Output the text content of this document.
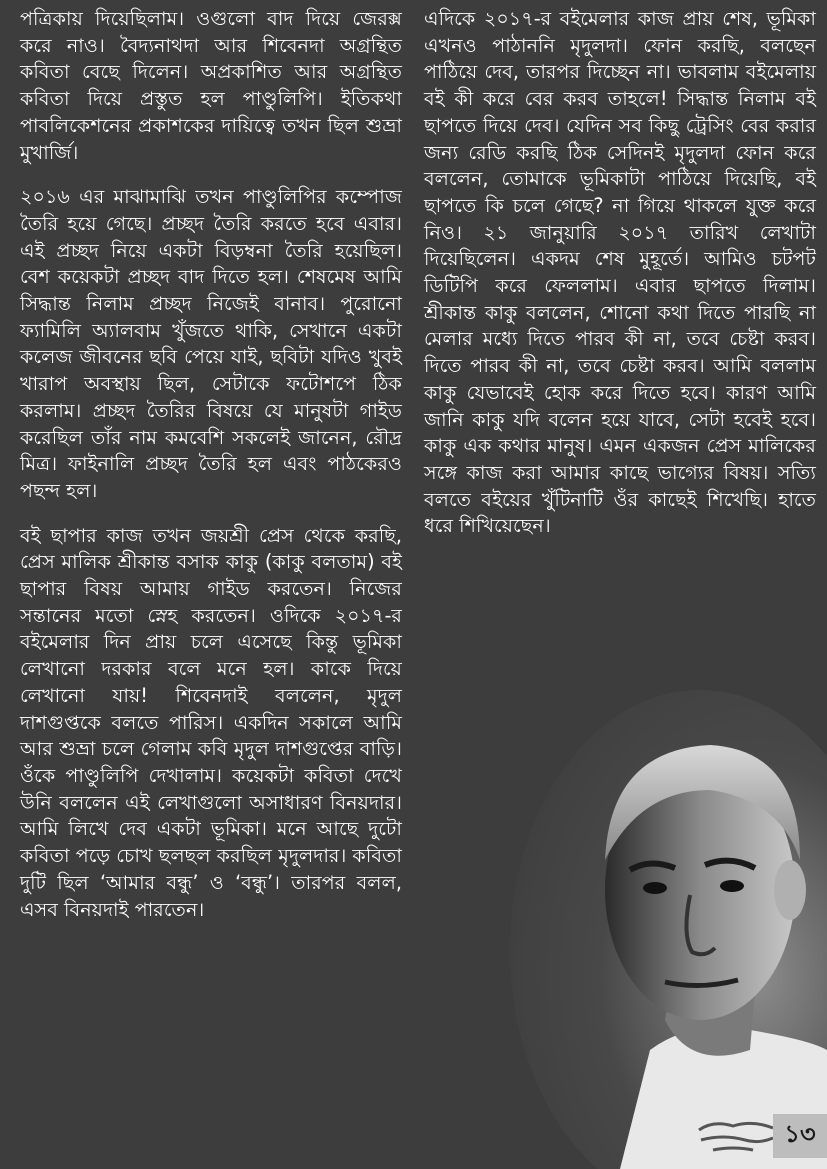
পত্রিকায় দিয়েছিলাম। ওগুলো বাদ দিয়ে জেরক্স করে নাও। বৈদ্যনাথদা আর শিবেনদা অগ্রন্থিত কবিতা বেছে দিলেন। অপ্রকাশিত আর অগ্রন্থিত কবিতা দিয়ে প্রস্তুত হল পাণ্ডুলিপি। ইতিকথা পাবলিকেশনের প্রকাশকের দায়িত্বে তখন ছিল শুভ্রা মুখার্জি।

২০১৬ এর মাঝামাঝি তখন পাণ্ডুলিপির কম্পোজ তৈরি হয়ে গেছে। প্রচ্ছদ তৈরি করতে হবে এবার। এই প্রচ্ছদ নিয়ে একটা বিড়ম্বনা তৈরি হয়েছিল। বেশ কয়েকটা প্রচ্ছদ বাদ দিতে হল। শেষমেষ আমি সিদ্ধান্ত নিলাম প্রচ্ছদ নিজেই বানাব। পুরোনো ফ্যামিলি অ্যালবাম খুঁজতে থাকি, সেখানে একটা কলেজ জীবনের ছবি পেয়ে যাই, ছবিটা যদিও খুবই খারাপ অবস্থায় ছিল, সেটাকে ফটোশপে ঠিক করলাম। প্রচ্ছদ তৈরির বিষয়ে যে মানুষটা গাইড করেছিল তাঁর নাম কমবেশি সকলেই জানেন, রৌদ্র মিত্র। ফাইনালি প্রচ্ছদ তৈরি হল এবং পাঠকেরও পছন্দ হল।

বই ছাপার কাজ তখন জয়শ্রী প্রেস থেকে করছি, প্রেস মালিক শ্রীকান্ত বসাক কাকু (কাকু বলতাম) বই ছাপার বিষয় আমায় গাইড করতেন। নিজের সন্তানের মতো স্নেহ করতেন। ওদিকে ২০১৭-র বইমেলার দিন প্রায় চলে এসেছে কিন্তু ভূমিকা লেখানো দরকার বলে মনে হল। কাকে দিয়ে লেখানো যায়! শিবেনদাই বললেন, মৃদুল দাশগুপ্তকে বলতে পারিস। একদিন সকালে আমি আর শুভ্রা চলে গেলাম কবি মৃদুল দাশগুপ্তের বাড়ি। ওঁকে পাণ্ডুলিপি দেখালাম। কয়েকটা কবিতা দেখে উনি বললেন এই লেখাগুলো অসাধারণ বিনয়দার। আমি লিখে দেব একটা ভূমিকা। মনে আছে দুটো কবিতা পড়ে চোখ ছলছল করছিল মৃদুলদার। কবিতা দুটি ছিল ‘আমার বন্ধু’ ও ‘বন্ধু’। তারপর বলল, এসব বিনয়দাই পারতেন।

এদিকে ২০১৭-র বইমেলার কাজ প্রায় শেষ, ভূমিকা এখনও পাঠাননি মৃদুলদা। ফোন করছি, বলছেন পাঠিয়ে দেব, তারপর দিচ্ছেন না। ভাবলাম বইমেলায় বই কী করে বের করব তাহলে! সিদ্ধান্ত নিলাম বই ছাপতে দিয়ে দেব। যেদিন সব কিছু ট্রেসিং বের করার জন্য রেডি করছি ঠিক সেদিনই মৃদুলদা ফোন করে বললেন, তোমাকে ভূমিকাটা পাঠিয়ে দিয়েছি, বই ছাপতে কি চলে গেছে? না গিয়ে থাকলে যুক্ত করে নিও। ২১ জানুয়ারি ২০১৭ তারিখ লেখাটা দিয়েছিলেন। একদম শেষ মুহূর্তে। আমিও চটপট ডিটিপি করে ফেললাম। এবার ছাপতে দিলাম। শ্রীকান্ত কাকু বললেন, শোনো কথা দিতে পারছি না মেলার মধ্যে দিতে পারব কী না, তবে চেষ্টা করব। দিতে পারব কী না, তবে চেষ্টা করব। আমি বললাম কাকু যেভাবেই হোক করে দিতে হবে। কারণ আমি জানি কাকু যদি বলেন হয়ে যাবে, সেটা হবেই হবে। কাকু এক কথার মানুষ। এমন একজন প্রেস মালিকের সঙ্গে কাজ করা আমার কাছে ভাগ্যের বিষয়। সত্যি বলতে বইয়ের খুঁটিনাটি ওঁর কাছেই শিখেছি। হাতে ধরে শিখিয়েছেন।

১৩
